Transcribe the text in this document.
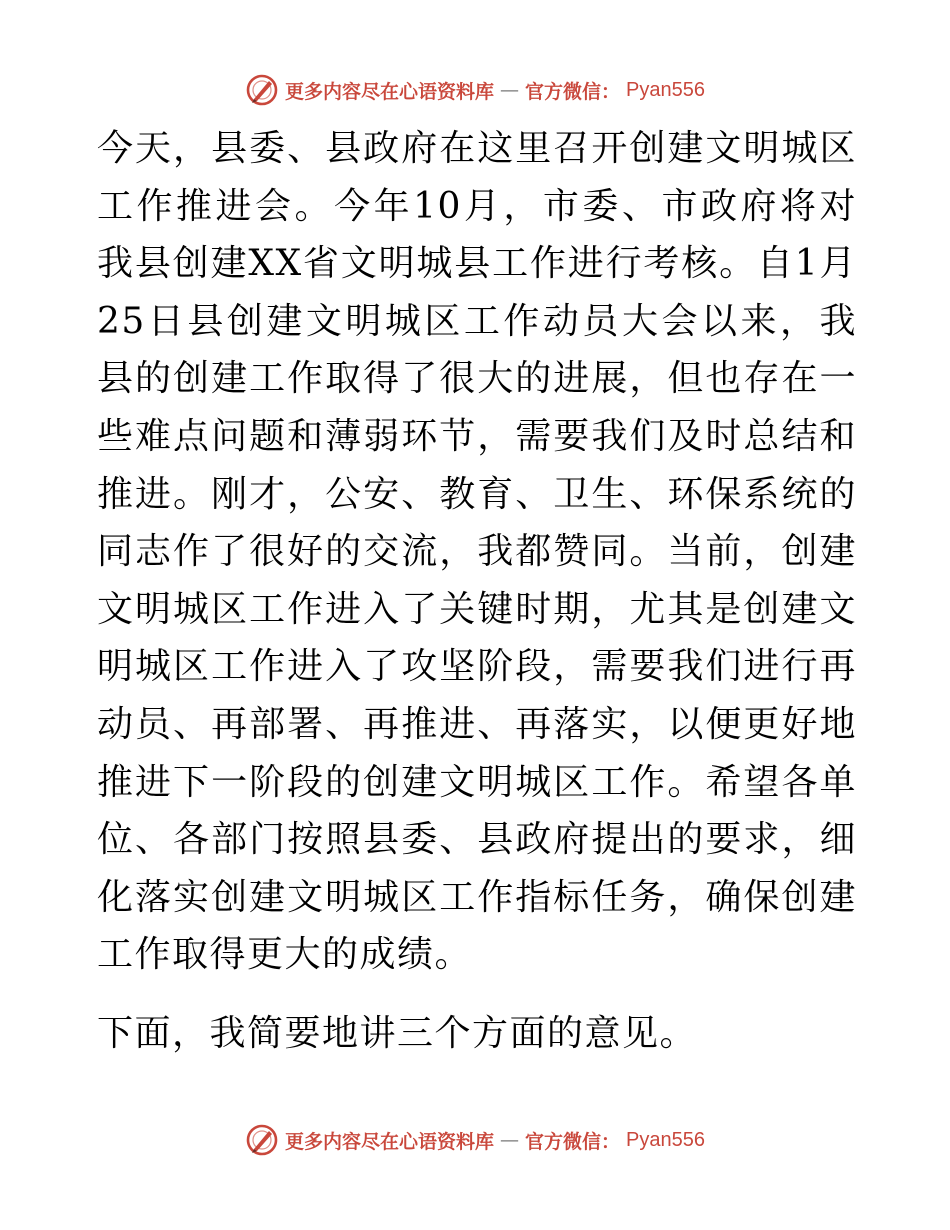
更多内容尽在心语资料库 — 官方微信： Pyan556

今天，县委、县政府在这里召开创建文明城区工作推进会。今年10月，市委、市政府将对我县创建XX省文明城县工作进行考核。自1月25日县创建文明城区工作动员大会以来，我县的创建工作取得了很大的进展，但也存在一些难点问题和薄弱环节，需要我们及时总结和推进。刚才，公安、教育、卫生、环保系统的同志作了很好的交流，我都赞同。当前，创建文明城区工作进入了关键时期，尤其是创建文明城区工作进入了攻坚阶段，需要我们进行再动员、再部署、再推进、再落实，以便更好地推进下一阶段的创建文明城区工作。希望各单位、各部门按照县委、县政府提出的要求，细化落实创建文明城区工作指标任务，确保创建工作取得更大的成绩。

下面，我简要地讲三个方面的意见。

更多内容尽在心语资料库 — 官方微信： Pyan556
